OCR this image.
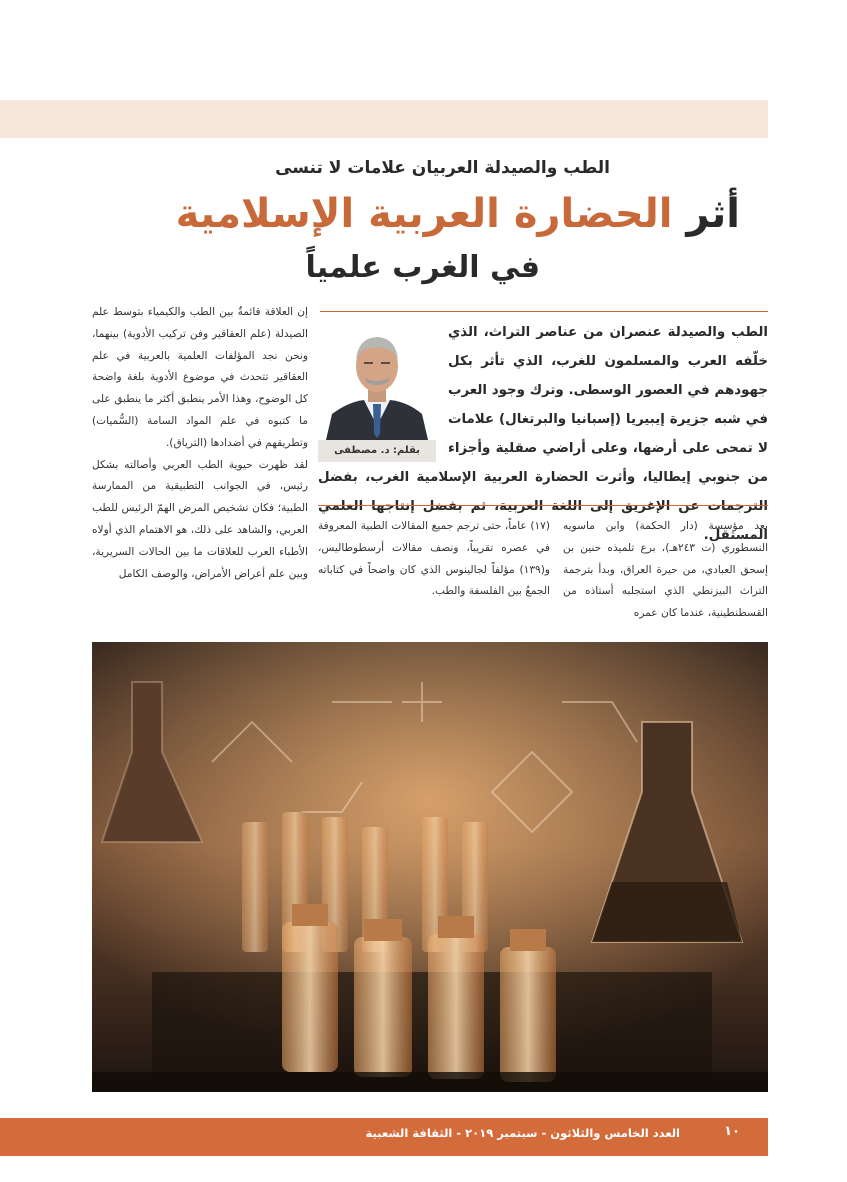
الطب والصيدلة العربيان علامات لا تنسى
أثر الحضارة العربية الإسلامية
في الغرب علمياً
بقلم: د. مصطفى
الطب والصيدلة عنصران من عناصر التراث، الذي خلّفه العرب والمسلمون للغرب، الذي تأثر بكل جهودهم في العصور الوسطى. وترك وجود العرب في شبه جزيرة إيبيريا (إسبانيا والبرتغال) علامات لا تمحى على أرضها، وعلى أراضي صقلية وأجزاء من جنوبي إيطاليا، وأثرت الحضارة العربية الإسلامية الغرب، بفضل الترجمات عن الإغريق إلى اللغة العربية، ثم بفضل إنتاجها العلمي المستقل.

إن العلاقة قائمةٌ بين الطب والكيمياء بتوسط علم الصيدلة (علم العقاقير وفن تركيب الأدوية) بينهما، ونحن نجد المؤلفات العلمية بالعربية في علم العقاقير تتحدث في موضوع الأدوية بلغة واضحة كل الوضوح، وهذا الأمر ينطبق أكثر ما ينطبق على ما كتبوه في علم المواد السامة (السُّميات) وتطريقهم في أضدادها (الترياق).

لقد ظهرت حيوية الطب العربي وأصالته بشكل رئيس، في الجوانب التطبيقية من الممارسة الطبية؛ فكان تشخيص المرض الهمّ الرئيس للطب العربي، والشاهد على ذلك، هو الاهتمام الذي أولاه الأطباء العرب للعلاقات ما بين الحالات السريرية، وبين علم أعراض الأمراض، والوصف الكامل

بعد مؤسسة (دار الحكمة) وابن ماسويه النسطوري (ت ٢٤٣هـ)، برع تلميذه حنين بن إسحق العبادي، من حيرة العراق، وبدأ بترجمة التراث البيزنطي الذي استجلبه أستاذه من القسطنطينية، عندما كان عمره

(١٧) عاماً، حتى ترجم جميع المقالات الطبية المعروفة في عصره تقريباً، ونصف مقالات أرسطوطاليس، و(١٣٩) مؤلفاً لجالينوس الذي كان واضحاً في كتاباته الجمعُ بين الفلسفة والطب.

العدد الخامس والثلاثون - سبتمبر ٢٠١٩ - الثقافة الشعبية	١٠
